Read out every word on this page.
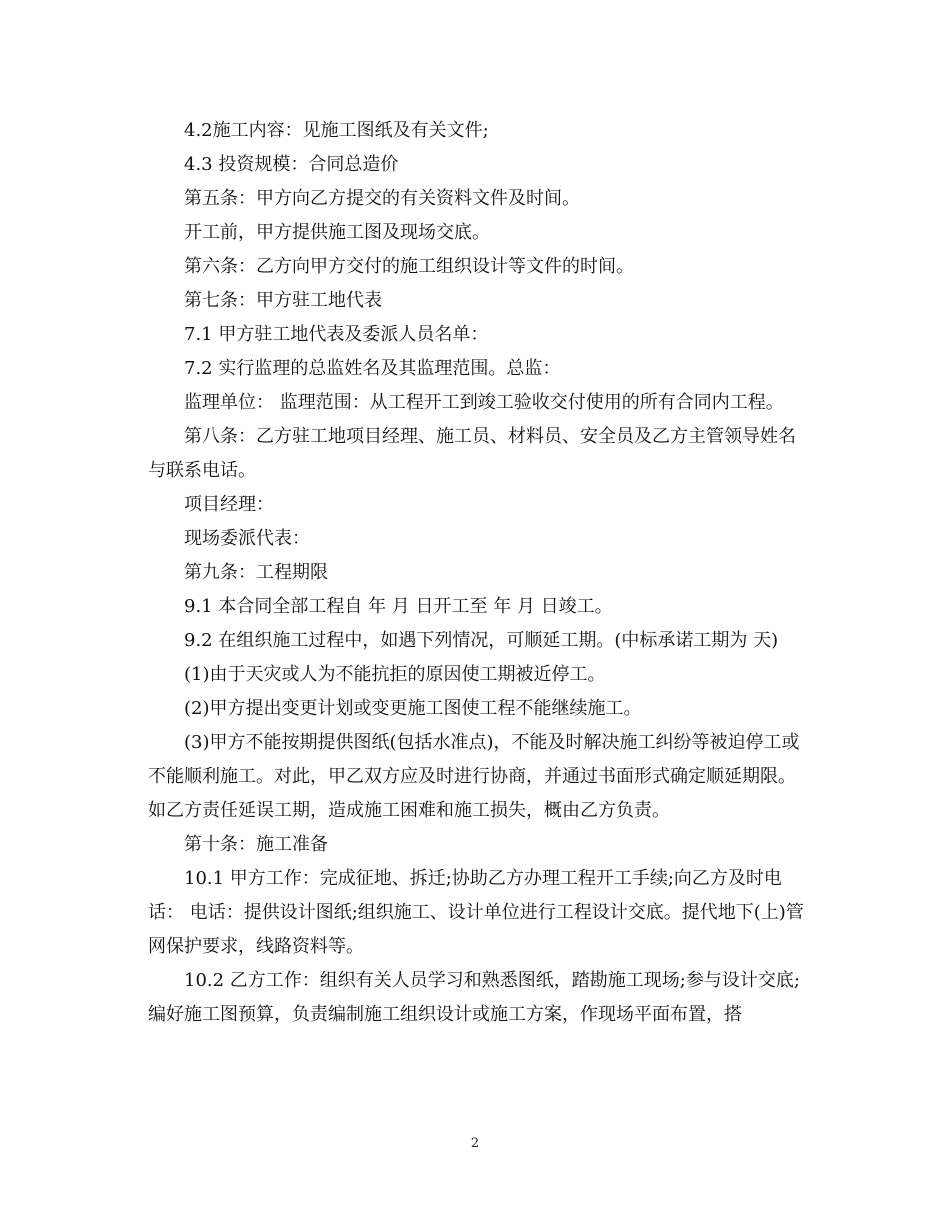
4.2施工内容：见施工图纸及有关文件;

4.3 投资规模：合同总造价

第五条：甲方向乙方提交的有关资料文件及时间。

开工前，甲方提供施工图及现场交底。

第六条：乙方向甲方交付的施工组织设计等文件的时间。

第七条：甲方驻工地代表

7.1 甲方驻工地代表及委派人员名单：

7.2 实行监理的总监姓名及其监理范围。总监：

监理单位： 监理范围：从工程开工到竣工验收交付使用的所有合同内工程。

第八条：乙方驻工地项目经理、施工员、材料员、安全员及乙方主管领导姓名与联系电话。

项目经理：

现场委派代表：

第九条：工程期限

9.1 本合同全部工程自 年 月 日开工至 年 月 日竣工。

9.2 在组织施工过程中，如遇下列情况，可顺延工期。(中标承诺工期为 天)

(1)由于天灾或人为不能抗拒的原因使工期被近停工。

(2)甲方提出变更计划或变更施工图使工程不能继续施工。

(3)甲方不能按期提供图纸(包括水准点)，不能及时解决施工纠纷等被迫停工或不能顺利施工。对此，甲乙双方应及时进行协商，并通过书面形式确定顺延期限。如乙方责任延误工期，造成施工困难和施工损失，概由乙方负责。

第十条：施工准备

10.1 甲方工作：完成征地、拆迁;协助乙方办理工程开工手续;向乙方及时电话： 电话：提供设计图纸;组织施工、设计单位进行工程设计交底。提代地下(上)管网保护要求，线路资料等。

10.2 乙方工作：组织有关人员学习和熟悉图纸，踏勘施工现场;参与设计交底;编好施工图预算，负责编制施工组织设计或施工方案，作现场平面布置，搭

2
